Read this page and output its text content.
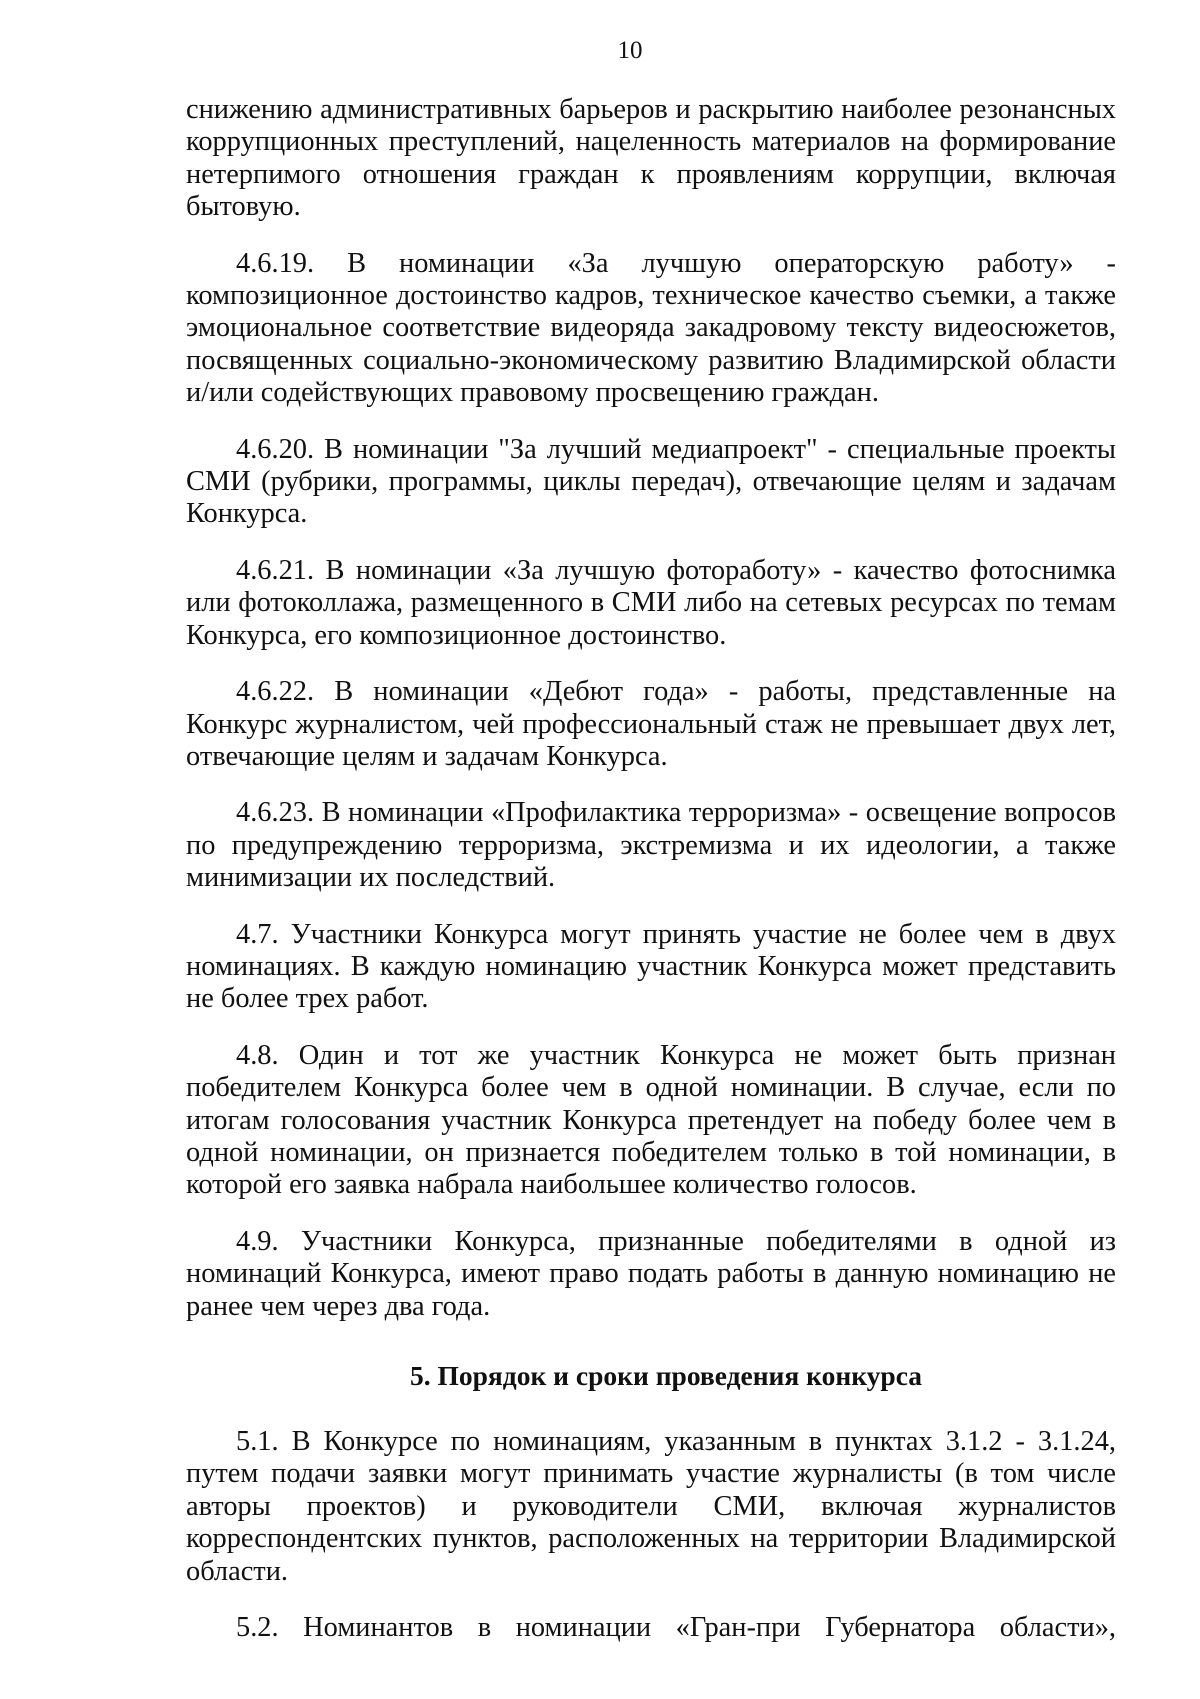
10

снижению административных барьеров и раскрытию наиболее резонансных коррупционных преступлений, нацеленность материалов на формирование нетерпимого отношения граждан к проявлениям коррупции, включая бытовую.

4.6.19. В номинации «За лучшую операторскую работу» - композиционное достоинство кадров, техническое качество съемки, а также эмоциональное соответствие видеоряда закадровому тексту видеосюжетов, посвященных социально-экономическому развитию Владимирской области и/или содействующих правовому просвещению граждан.

4.6.20. В номинации "За лучший медиапроект" - специальные проекты СМИ (рубрики, программы, циклы передач), отвечающие целям и задачам Конкурса.

4.6.21. В номинации «За лучшую фотоработу» - качество фотоснимка или фотоколлажа, размещенного в СМИ либо на сетевых ресурсах по темам Конкурса, его композиционное достоинство.

4.6.22. В номинации «Дебют года» - работы, представленные на Конкурс журналистом, чей профессиональный стаж не превышает двух лет, отвечающие целям и задачам Конкурса.

4.6.23. В номинации «Профилактика терроризма» - освещение вопросов по предупреждению терроризма, экстремизма и их идеологии, а также минимизации их последствий.

4.7. Участники Конкурса могут принять участие не более чем в двух номинациях. В каждую номинацию участник Конкурса может представить не более трех работ.

4.8. Один и тот же участник Конкурса не может быть признан победителем Конкурса более чем в одной номинации. В случае, если по итогам голосования участник Конкурса претендует на победу более чем в одной номинации, он признается победителем только в той номинации, в которой его заявка набрала наибольшее количество голосов.

4.9. Участники Конкурса, признанные победителями в одной из номинаций Конкурса, имеют право подать работы в данную номинацию не ранее чем через два года.

5. Порядок и сроки проведения конкурса

5.1. В Конкурсе по номинациям, указанным в пунктах 3.1.2 - 3.1.24, путем подачи заявки могут принимать участие журналисты (в том числе авторы проектов) и руководители СМИ, включая журналистов корреспондентских пунктов, расположенных на территории Владимирской области.

5.2. Номинантов в номинации «Гран-при Губернатора области»,
